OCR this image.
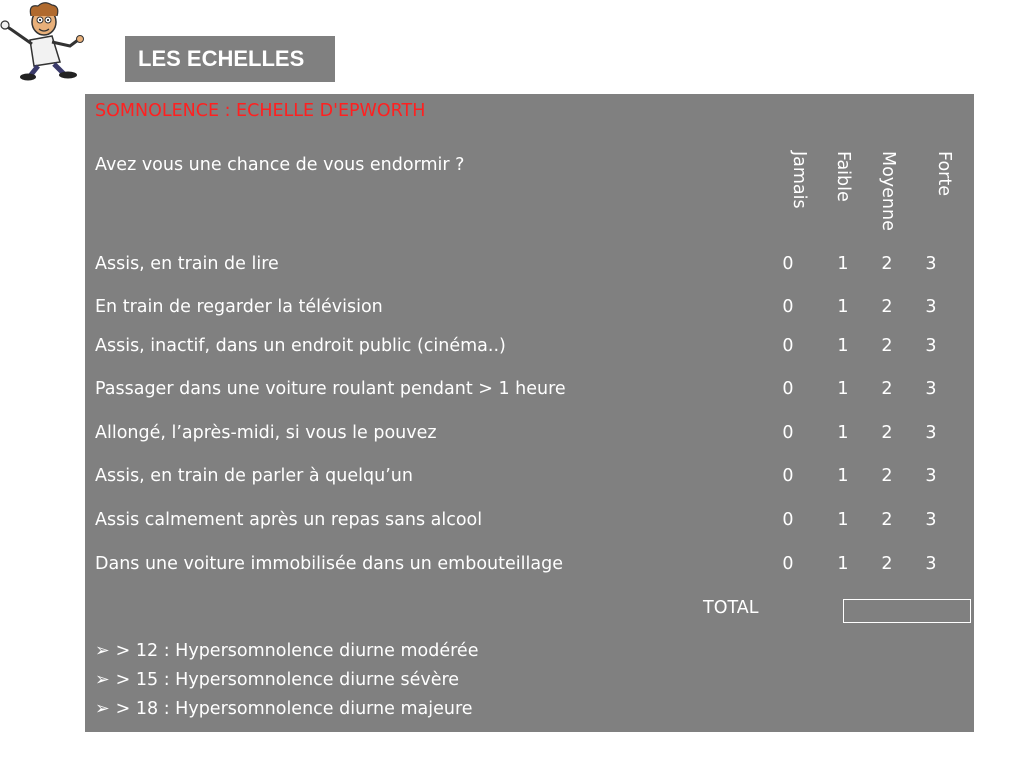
LES ECHELLES
SOMNOLENCE : ECHELLE D'EPWORTH
Avez vous une chance de vous endormir ?	Jamais Faible Moyenne Forte
Assis, en train de lire	0	1 2 3
En train de regarder la télévision	0	1 2 3
Assis, inactif, dans un endroit public (cinéma..)	0	1 2 3
Passager dans une voiture roulant pendant > 1 heure	0	1 2 3
Allongé, l’après-midi, si vous le pouvez	0	1 2 3
Assis, en train de parler à quelqu’un	0	1 2 3
Assis calmement après un repas sans alcool	0	1 2 3
Dans une voiture immobilisée dans un embouteillage	0	1 2 3
TOTAL
➢ > 12 : Hypersomnolence diurne modérée
➢ > 15 : Hypersomnolence diurne sévère
➢ > 18 : Hypersomnolence diurne majeure
